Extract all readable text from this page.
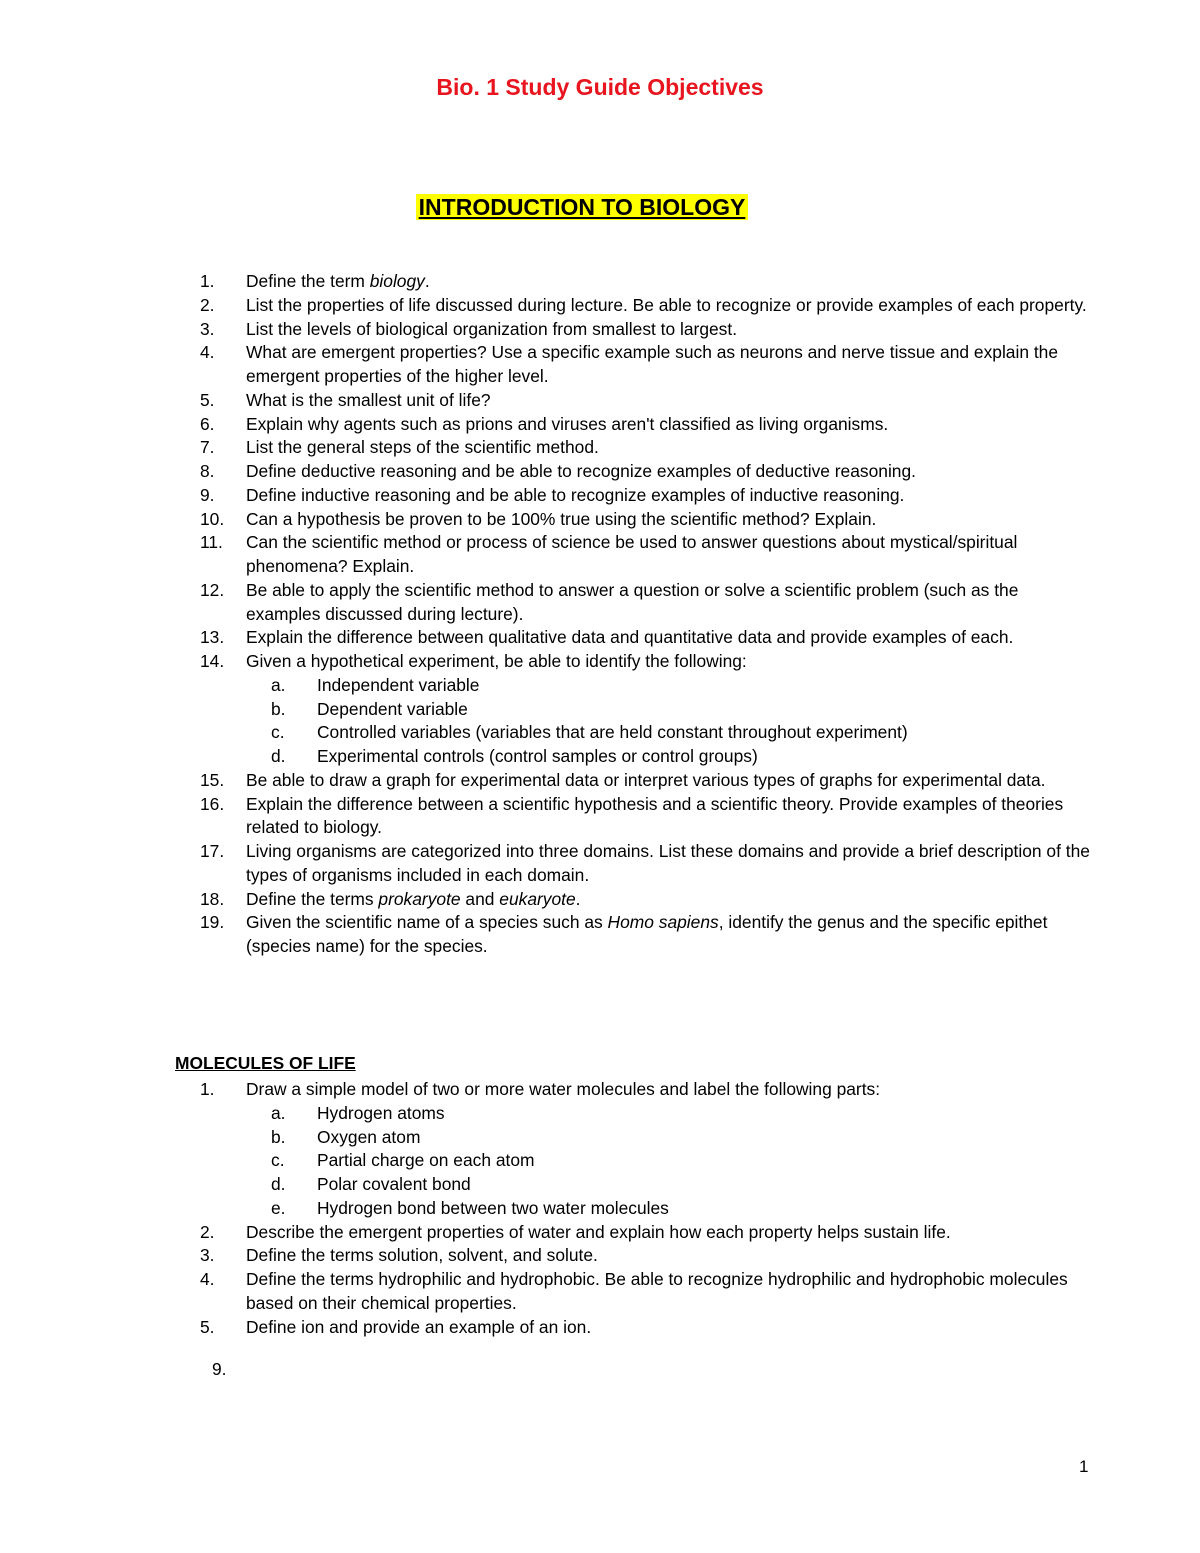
Bio. 1 Study Guide Objectives
INTRODUCTION TO BIOLOGY
1. Define the term biology.
2. List the properties of life discussed during lecture. Be able to recognize or provide examples of each property.
3. List the levels of biological organization from smallest to largest.
4. What are emergent properties? Use a specific example such as neurons and nerve tissue and explain the emergent properties of the higher level.
5. What is the smallest unit of life?
6. Explain why agents such as prions and viruses aren't classified as living organisms.
7. List the general steps of the scientific method.
8. Define deductive reasoning and be able to recognize examples of deductive reasoning.
9. Define inductive reasoning and be able to recognize examples of inductive reasoning.
10. Can a hypothesis be proven to be 100% true using the scientific method? Explain.
11. Can the scientific method or process of science be used to answer questions about mystical/spiritual phenomena? Explain.
12. Be able to apply the scientific method to answer a question or solve a scientific problem (such as the examples discussed during lecture).
13. Explain the difference between qualitative data and quantitative data and provide examples of each.
14. Given a hypothetical experiment, be able to identify the following:
a. Independent variable
b. Dependent variable
c. Controlled variables (variables that are held constant throughout experiment)
d. Experimental controls (control samples or control groups)
15. Be able to draw a graph for experimental data or interpret various types of graphs for experimental data.
16. Explain the difference between a scientific hypothesis and a scientific theory. Provide examples of theories related to biology.
17. Living organisms are categorized into three domains. List these domains and provide a brief description of the types of organisms included in each domain.
18. Define the terms prokaryote and eukaryote.
19. Given the scientific name of a species such as Homo sapiens, identify the genus and the specific epithet (species name) for the species.
MOLECULES OF LIFE
1. Draw a simple model of two or more water molecules and label the following parts:
a. Hydrogen atoms
b. Oxygen atom
c. Partial charge on each atom
d. Polar covalent bond
e. Hydrogen bond between two water molecules
2. Describe the emergent properties of water and explain how each property helps sustain life.
3. Define the terms solution, solvent, and solute.
4. Define the terms hydrophilic and hydrophobic. Be able to recognize hydrophilic and hydrophobic molecules based on their chemical properties.
5. Define ion and provide an example of an ion.
9.
1
